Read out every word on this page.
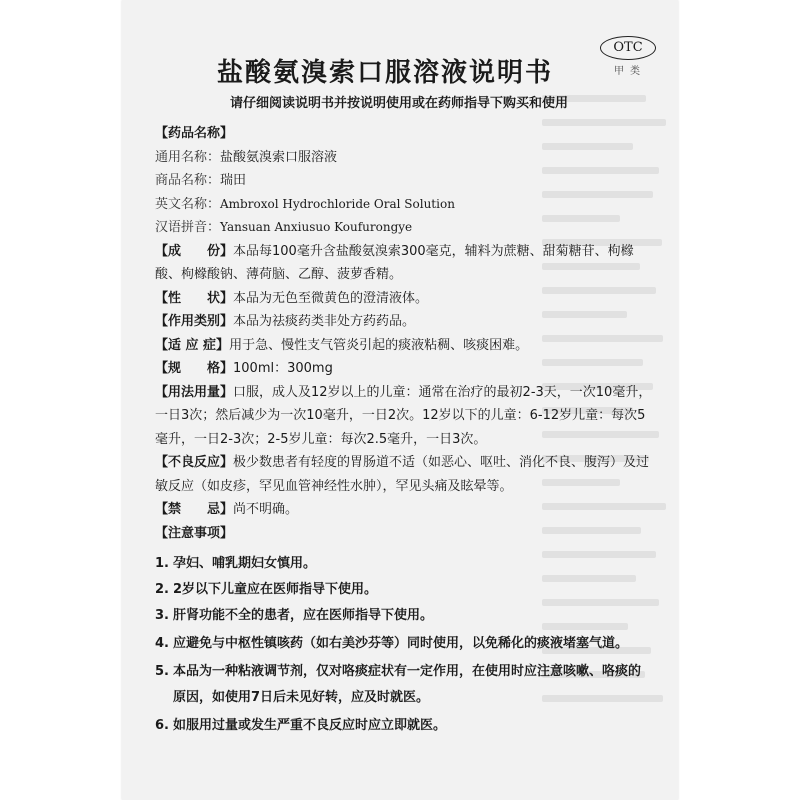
OTC
甲类
盐酸氨溴索口服溶液说明书
请仔细阅读说明书并按说明使用或在药师指导下购买和使用
【药品名称】
通用名称：盐酸氨溴索口服溶液
商品名称：瑞田
英文名称：Ambroxol Hydrochloride Oral Solution
汉语拼音：Yansuan Anxiusuo Koufurongye
【成　　份】本品每100毫升含盐酸氨溴索300毫克，辅料为蔗糖、甜菊糖苷、枸橼酸、枸橼酸钠、薄荷脑、乙醇、菠萝香精。
【性　　状】本品为无色至微黄色的澄清液体。
【作用类别】本品为祛痰药类非处方药药品。
【适 应 症】用于急、慢性支气管炎引起的痰液粘稠、咳痰困难。
【规　　格】100ml：300mg
【用法用量】口服，成人及12岁以上的儿童：通常在治疗的最初2-3天，一次10毫升，一日3次；然后减少为一次10毫升，一日2次。12岁以下的儿童：6-12岁儿童：每次5毫升，一日2-3次；2-5岁儿童：每次2.5毫升，一日3次。
【不良反应】极少数患者有轻度的胃肠道不适（如恶心、呕吐、消化不良、腹泻）及过敏反应（如皮疹，罕见血管神经性水肿），罕见头痛及眩晕等。
【禁　　忌】尚不明确。
【注意事项】
1. 孕妇、哺乳期妇女慎用。
2. 2岁以下儿童应在医师指导下使用。
3. 肝肾功能不全的患者，应在医师指导下使用。
4. 应避免与中枢性镇咳药（如右美沙芬等）同时使用，以免稀化的痰液堵塞气道。
5. 本品为一种粘液调节剂，仅对咯痰症状有一定作用，在使用时应注意咳嗽、咯痰的原因，如使用7日后未见好转，应及时就医。
6. 如服用过量或发生严重不良反应时应立即就医。
